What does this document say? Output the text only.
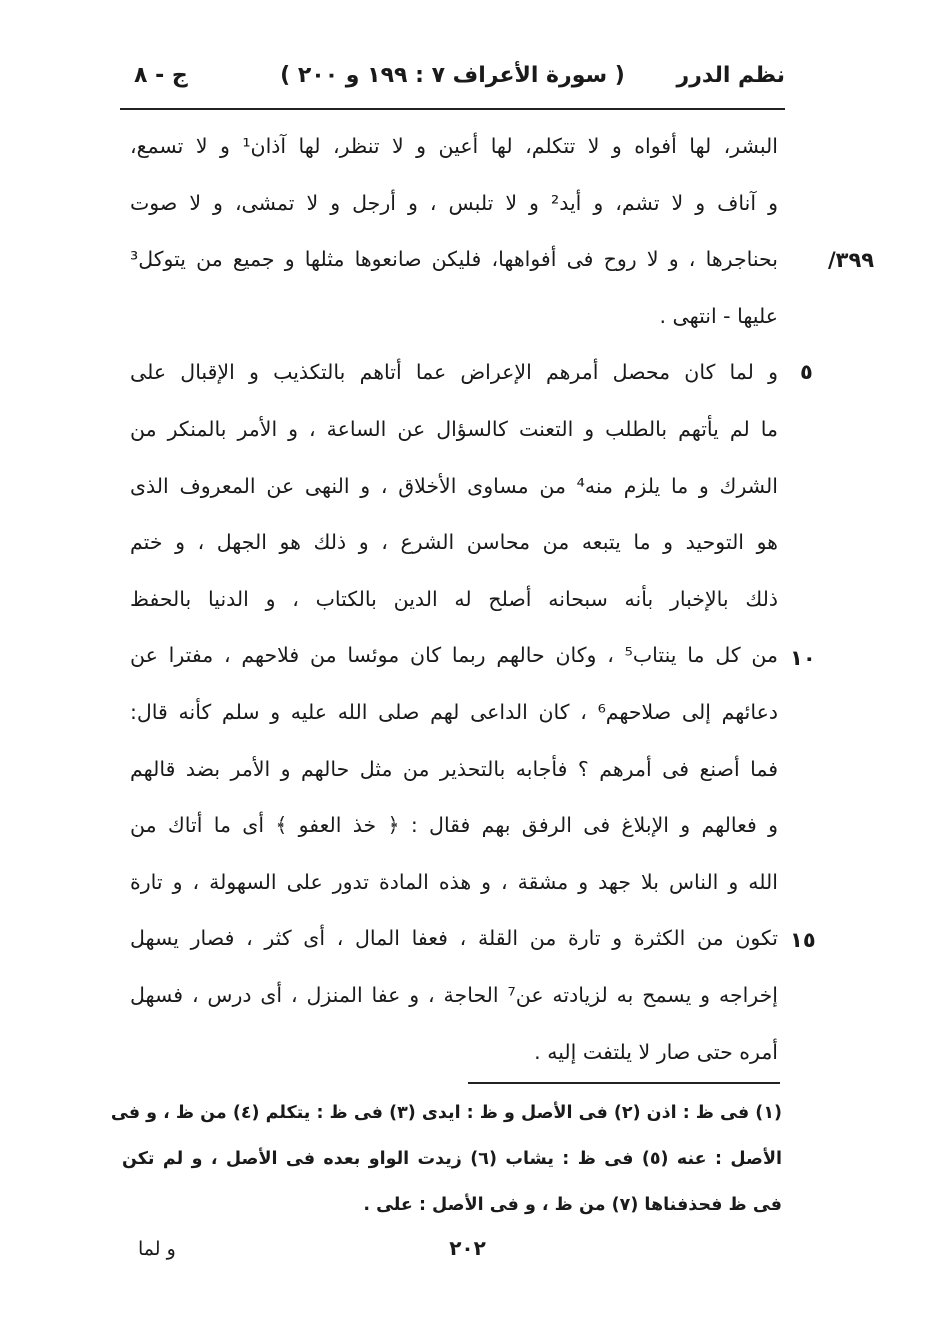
نظم الدرر
( سورة الأعراف ٧ : ١٩٩ و ٢٠٠ )
ج - ٨
٣٩٩/
٥
١٠
١٥
البشر، لها أفواه و لا تتكلم، لها أعين و لا تنظر، لها آذان¹ و لا تسمع،
و آناف و لا تشم، و أيد² و لا تلبس ، و أرجل و لا تمشى، و لا صوت
بحناجرها ، و لا روح فى أفواهها، فليكن صانعوها مثلها و جميع من يتوكل³
عليها - انتهى .
و لما كان محصل أمرهم الإعراض عما أتاهم بالتكذيب و الإقبال على
ما لم يأتهم بالطلب و التعنت كالسؤال عن الساعة ، و الأمر بالمنكر من
الشرك و ما يلزم منه⁴ من مساوى الأخلاق ، و النهى عن المعروف الذى
هو التوحيد و ما يتبعه من محاسن الشرع ، و ذلك هو الجهل ، و ختم
ذلك بالإخبار بأنه سبحانه أصلح له الدين بالكتاب ، و الدنيا بالحفظ
من كل ما ينتاب⁵ ، وكان حالهم ربما كان موئسا من فلاحهم ، مفترا عن
دعائهم إلى صلاحهم⁶ ، كان الداعى لهم صلى الله عليه و سلم كأنه قال:
فما أصنع فى أمرهم ؟ فأجابه بالتحذير من مثل حالهم و الأمر بضد قالهم
و فعالهم و الإبلاغ فى الرفق بهم فقال : ﴿ خذ العفو ﴾ أى ما أتاك من
الله و الناس بلا جهد و مشقة ، و هذه المادة تدور على السهولة ، و تارة
تكون من الكثرة و تارة من القلة ، فعفا المال ، أى كثر ، فصار يسهل
إخراجه و يسمح به لزيادته عن⁷ الحاجة ، و عفا المنزل ، أى درس ، فسهل
أمره حتى صار لا يلتفت إليه .
(١) فى ظ : اذن (٢) فى الأصل و ظ : ايدى (٣) فى ظ : يتكلم (٤) من ظ ، و فى
الأصل : عنه (٥) فى ظ : يشاب (٦) زيدت الواو بعده فى الأصل ، و لم تكن
فى ظ فحذفناها (٧) من ظ ، و فى الأصل : على .
٢٠٢
و لما
